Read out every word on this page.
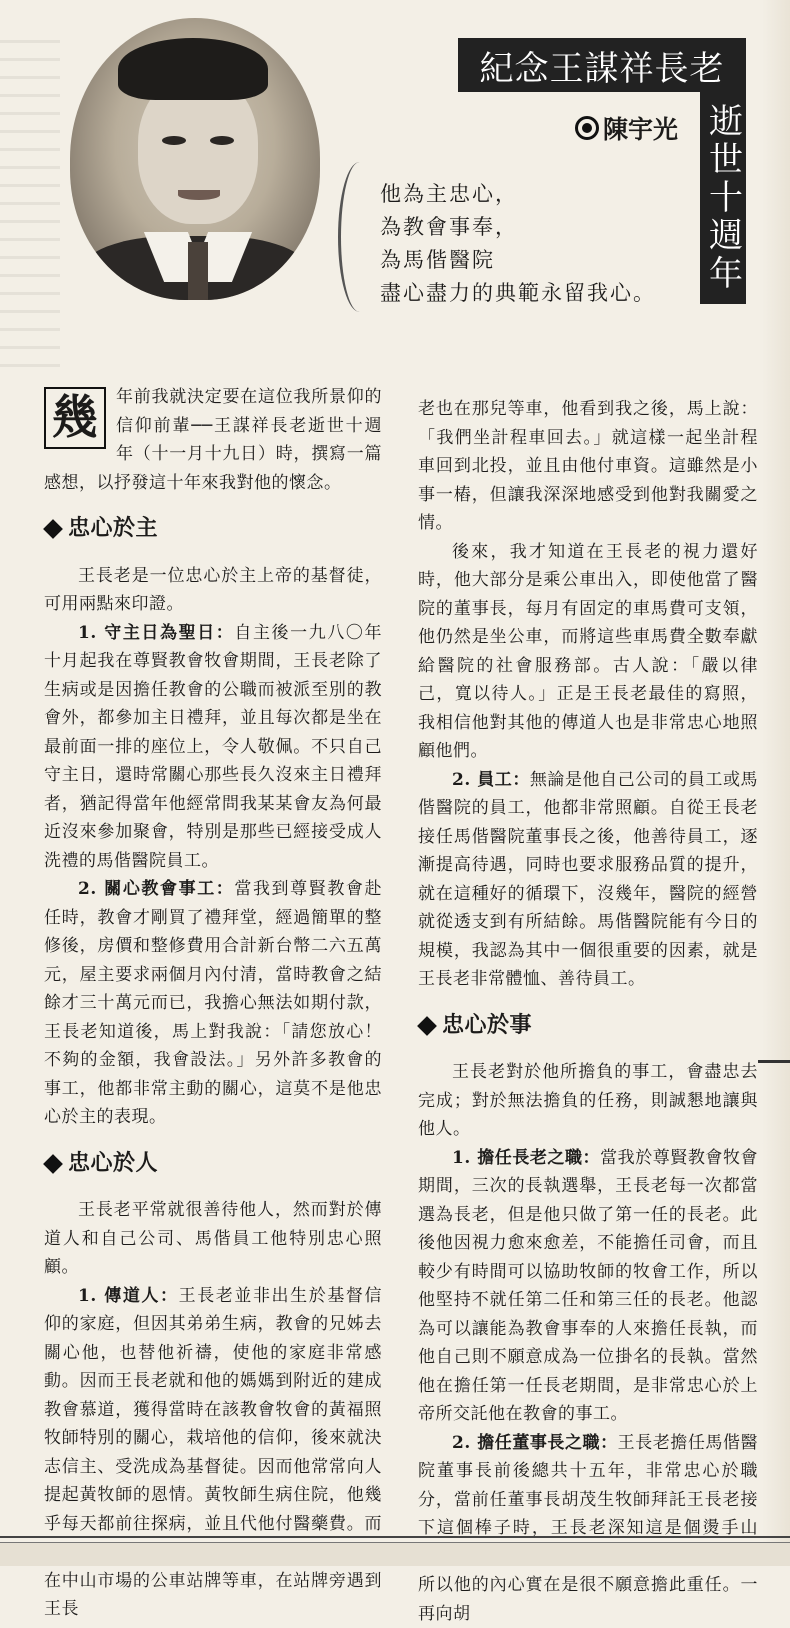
紀念王謀祥長老
逝世十週年
陳宇光
他為主忠心，
為教會事奉，
為馬偕醫院
盡心盡力的典範永留我心。
幾	年前我就決定要在這位我所景仰的信仰前輩──王謀祥長老逝世十週年（十一月十九日）時，撰寫一篇感想，以抒發這十年來我對他的懷念。
忠心於主

王長老是一位忠心於主上帝的基督徒，可用兩點來印證。

1. 守主日為聖日：自主後一九八〇年十月起我在尊賢教會牧會期間，王長老除了生病或是因擔任教會的公職而被派至別的教會外，都參加主日禮拜，並且每次都是坐在最前面一排的座位上，令人敬佩。不只自己守主日，還時常關心那些長久沒來主日禮拜者，猶記得當年他經常問我某某會友為何最近沒來參加聚會，特別是那些已經接受成人洗禮的馬偕醫院員工。

2. 關心教會事工：當我到尊賢教會赴任時，教會才剛買了禮拜堂，經過簡單的整修後，房價和整修費用合計新台幣二六五萬元，屋主要求兩個月內付清，當時教會之結餘才三十萬元而已，我擔心無法如期付款，王長老知道後，馬上對我說：「請您放心！不夠的金額，我會設法。」另外許多教會的事工，他都非常主動的關心，這莫不是他忠心於主的表現。

忠心於人

王長老平常就很善待他人，然而對於傳道人和自己公司、馬偕員工他特別忠心照顧。

1. 傳道人：王長老並非出生於基督信仰的家庭，但因其弟弟生病，教會的兄姊去關心他，也替他祈禱，使他的家庭非常感動。因而王長老就和他的媽媽到附近的建成教會慕道，獲得當時在該教會牧會的黃福照牧師特別的關心，栽培他的信仰，後來就決志信主、受洗成為基督徒。因而他常常向人提起黃牧師的恩情。黃牧師生病住院，他幾乎每天都前往探病，並且代他付醫藥費。而 在中山市場的公車站牌等車，在站牌旁遇到王長

老也在那兒等車，他看到我之後，馬上說：「我們坐計程車回去。」就這樣一起坐計程車回到北投，並且由他付車資。這雖然是小事一樁，但讓我深深地感受到他對我關愛之情。

後來，我才知道在王長老的視力還好時，他大部分是乘公車出入，即使他當了醫院的董事長，每月有固定的車馬費可支領，他仍然是坐公車，而將這些車馬費全數奉獻給醫院的社會服務部。古人說：「嚴以律己，寬以待人。」正是王長老最佳的寫照，我相信他對其他的傳道人也是非常忠心地照顧他們。

2. 員工：無論是他自己公司的員工或馬偕醫院的員工，他都非常照顧。自從王長老接任馬偕醫院董事長之後，他善待員工，逐漸提高待遇，同時也要求服務品質的提升，就在這種好的循環下，沒幾年，醫院的經營就從透支到有所結餘。馬偕醫院能有今日的規模，我認為其中一個很重要的因素，就是王長老非常體恤、善待員工。

忠心於事

王長老對於他所擔負的事工，會盡忠去完成；對於無法擔負的任務，則誠懇地讓與他人。

1. 擔任長老之職：當我於尊賢教會牧會期間，三次的長執選舉，王長老每一次都當選為長老，但是他只做了第一任的長老。此後他因視力愈來愈差，不能擔任司會，而且較少有時間可以協助牧師的牧會工作，所以他堅持不就任第二任和第三任的長老。他認為可以讓能為教會事奉的人來擔任長執，而他自己則不願意成為一位掛名的長執。當然他在擔任第一任長老期間，是非常忠心於上帝所交託他在教會的事工。

2. 擔任董事長之職：王長老擔任馬偕醫院董事長前後總共十五年，非常忠心於職分，當前任董事長胡茂生牧師拜託王長老接下這個棒子時，王長老深知這是個燙手山 所以他的內心實在是很不願意擔此重任。一再向胡
